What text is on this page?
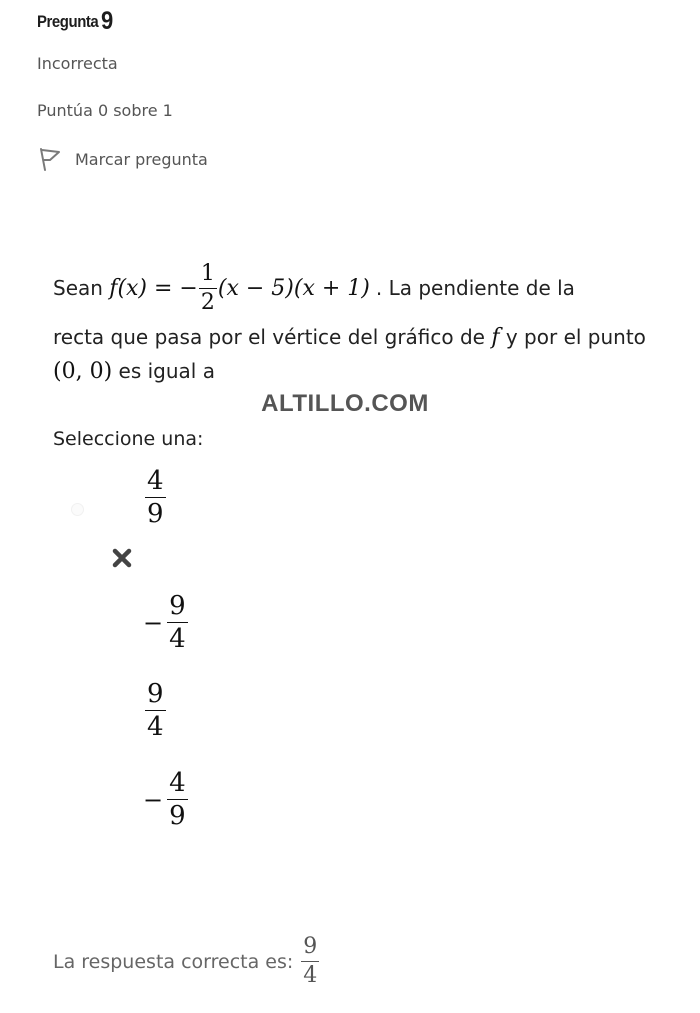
Pregunta 9
Incorrecta
Puntúa 0 sobre 1
Marcar pregunta
Sean
f(x) = − $\frac{1}{2} (x - 5)(x + 1)$ . La pendiente de la
recta que pasa por el vértice del gráfico de
f
y por el punto
(0, 0)
es igual a
ALTILLO.COM
Seleccione una:
$\frac{4}{9}$
− $\frac{9}{4}$
$\frac{9}{4}$
− $\frac{4}{9}$
La respuesta correcta es: $\frac{9}{4}$
